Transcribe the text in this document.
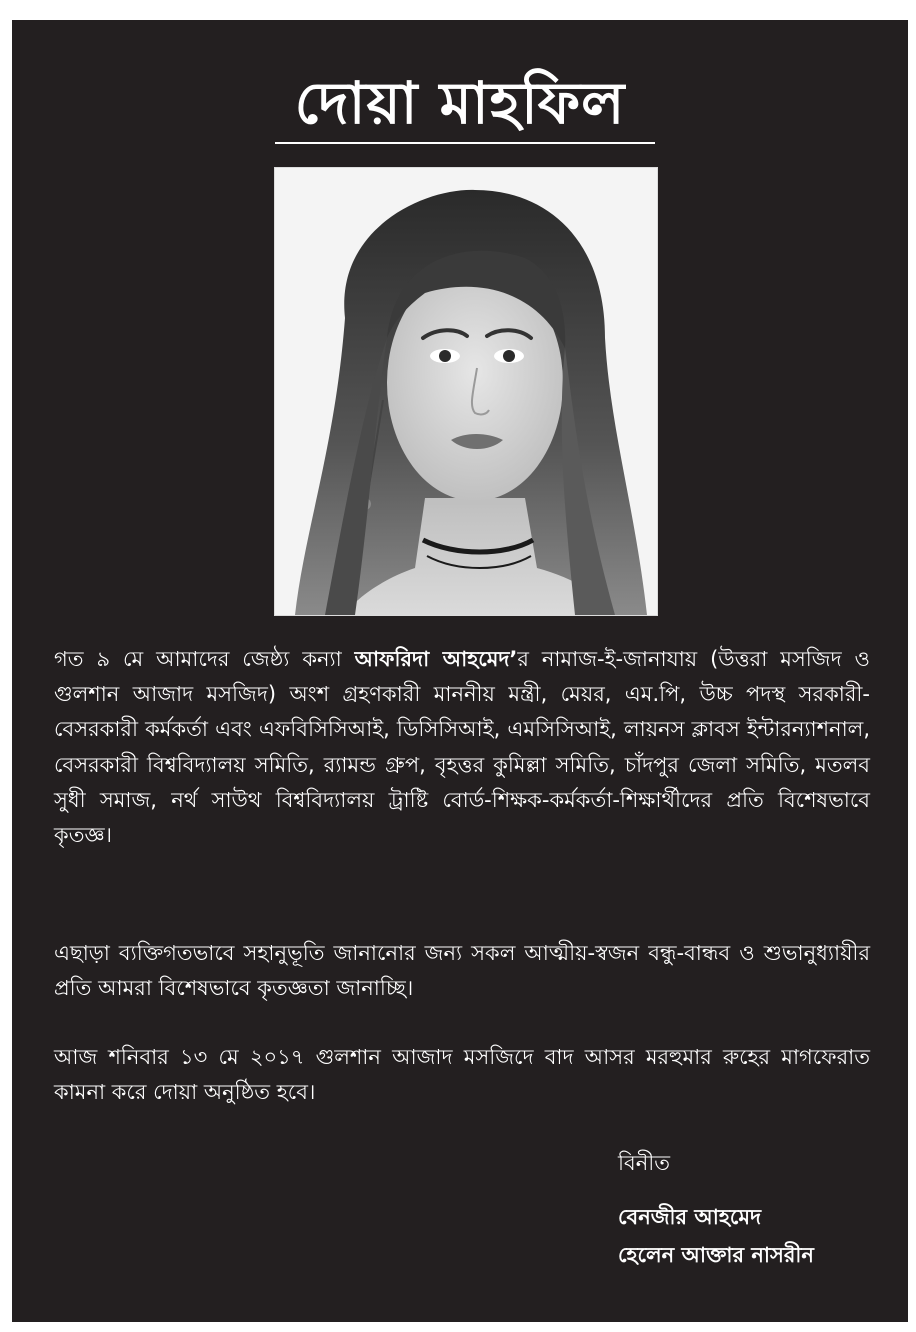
দোয়া মাহফিল

গত ৯ মে আমাদের জেষ্ঠ্য কন্যা আফরিদা আহমেদ’র নামাজ-ই-জানাযায় (উত্তরা মসজিদ ও গুলশান আজাদ মসজিদ) অংশ গ্রহণকারী মাননীয় মন্ত্রী, মেয়র, এম.পি, উচ্চ পদস্থ সরকারী-বেসরকারী কর্মকর্তা এবং এফবিসিসিআই, ডিসিসিআই, এমসিসিআই, লায়নস ক্লাবস ইন্টারন্যাশনাল, বেসরকারী বিশ্ববিদ্যালয় সমিতি, র‍্যামন্ড গ্রুপ, বৃহত্তর কুমিল্লা সমিতি, চাঁদপুর জেলা সমিতি, মতলব সুধী সমাজ, নর্থ সাউথ বিশ্ববিদ্যালয় ট্রাষ্টি বোর্ড-শিক্ষক-কর্মকর্তা-শিক্ষার্থীদের প্রতি বিশেষভাবে কৃতজ্ঞ।

এছাড়া ব্যক্তিগতভাবে সহানুভূতি জানানোর জন্য সকল আত্মীয়-স্বজন বন্ধু-বান্ধব ও শুভানুধ্যায়ীর প্রতি আমরা বিশেষভাবে কৃতজ্ঞতা জানাচ্ছি।

আজ শনিবার ১৩ মে ২০১৭ গুলশান আজাদ মসজিদে বাদ আসর মরহুমার রুহের মাগফেরাত কামনা করে দোয়া অনুষ্ঠিত হবে।

বিনীত
বেনজীর আহমেদ
হেলেন আক্তার নাসরীন
